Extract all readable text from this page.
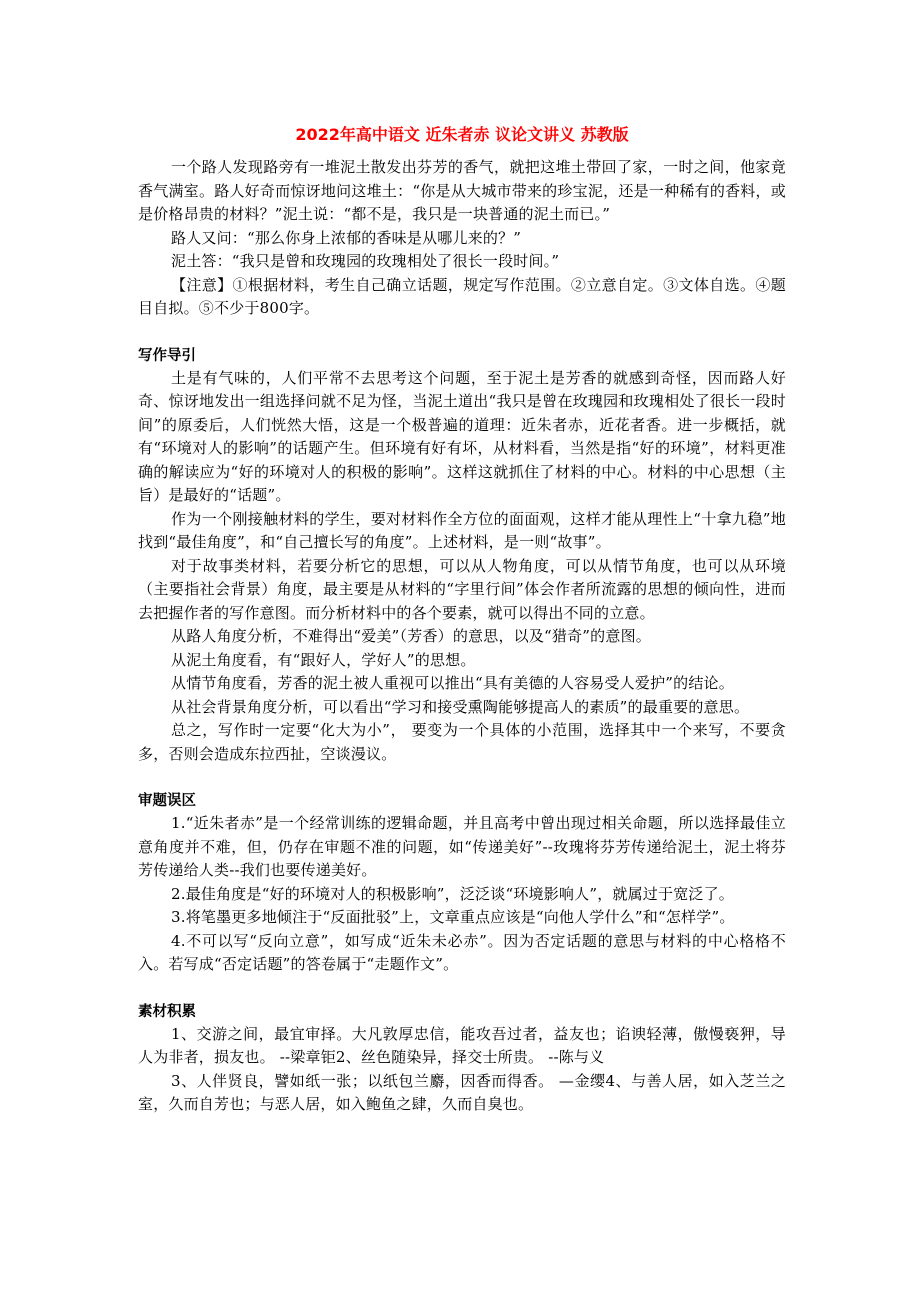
2022年高中语文 近朱者赤 议论文讲义 苏教版

一个路人发现路旁有一堆泥土散发出芬芳的香气，就把这堆土带回了家，一时之间，他家竟香气满室。路人好奇而惊讶地问这堆土：“你是从大城市带来的珍宝泥，还是一种稀有的香料，或是价格昂贵的材料？”泥土说：“都不是，我只是一块普通的泥土而已。”

路人又问：“那么你身上浓郁的香味是从哪儿来的？”

泥土答：“我只是曾和玫瑰园的玫瑰相处了很长一段时间。”

【注意】①根据材料，考生自己确立话题，规定写作范围。②立意自定。③文体自选。④题目自拟。⑤不少于800字。

写作导引

土是有气味的，人们平常不去思考这个问题，至于泥土是芳香的就感到奇怪，因而路人好奇、惊讶地发出一组选择问就不足为怪，当泥土道出“我只是曾在玫瑰园和玫瑰相处了很长一段时间”的原委后，人们恍然大悟，这是一个极普遍的道理：近朱者赤，近花者香。进一步概括，就有“环境对人的影响”的话题产生。但环境有好有坏，从材料看，当然是指“好的环境”，材料更准确的解读应为“好的环境对人的积极的影响”。这样这就抓住了材料的中心。材料的中心思想（主旨）是最好的“话题”。

作为一个刚接触材料的学生，要对材料作全方位的面面观，这样才能从理性上“十拿九稳”地找到“最佳角度”，和“自己擅长写的角度”。上述材料，是一则“故事”。

对于故事类材料，若要分析它的思想，可以从人物角度，可以从情节角度，也可以从环境（主要指社会背景）角度，最主要是从材料的“字里行间”体会作者所流露的思想的倾向性，进而去把握作者的写作意图。而分析材料中的各个要素，就可以得出不同的立意。

从路人角度分析，不难得出“爱美”（芳香）的意思，以及“猎奇”的意图。

从泥土角度看，有“跟好人，学好人”的思想。

从情节角度看，芳香的泥土被人重视可以推出“具有美德的人容易受人爱护”的结论。

从社会背景角度分析，可以看出“学习和接受熏陶能够提高人的素质”的最重要的意思。

总之，写作时一定要“化大为小”， 要变为一个具体的小范围，选择其中一个来写，不要贪多，否则会造成东拉西扯，空谈漫议。

审题误区

1.“近朱者赤”是一个经常训练的逻辑命题，并且高考中曾出现过相关命题，所以选择最佳立意角度并不难，但，仍存在审题不准的问题，如“传递美好”--玫瑰将芬芳传递给泥土，泥土将芬芳传递给人类--我们也要传递美好。

2.最佳角度是“好的环境对人的积极影响”，泛泛谈“环境影响人”，就属过于宽泛了。

3.将笔墨更多地倾注于“反面批驳”上，文章重点应该是“向他人学什么”和“怎样学”。

4.不可以写“反向立意”，如写成“近朱未必赤”。因为否定话题的意思与材料的中心格格不入。若写成“否定话题”的答卷属于“走题作文”。

素材积累

1、交游之间，最宜审择。大凡敦厚忠信，能攻吾过者，益友也；谄谀轻薄，傲慢亵狎，导人为非者，损友也。 --梁章钜2、丝色随染异，择交士所贵。 --陈与义

3、人伴贤良，譬如纸一张；以纸包兰麝，因香而得香。 —金缨4、与善人居，如入芝兰之室，久而自芳也；与恶人居，如入鲍鱼之肆，久而自臭也。
